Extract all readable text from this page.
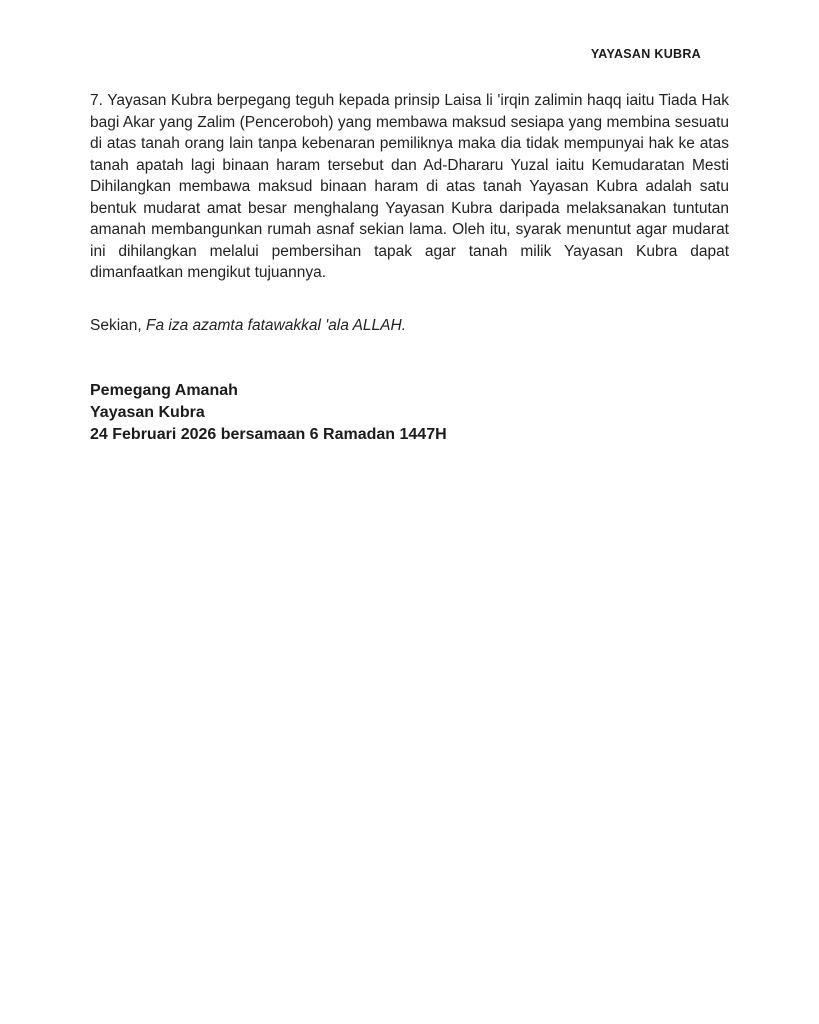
YAYASAN KUBRA

7. Yayasan Kubra berpegang teguh kepada prinsip Laisa li 'irqin zalimin haqq iaitu Tiada Hak bagi Akar yang Zalim (Penceroboh) yang membawa maksud sesiapa yang membina sesuatu di atas tanah orang lain tanpa kebenaran pemiliknya maka dia tidak mempunyai hak ke atas tanah apatah lagi binaan haram tersebut dan Ad-Dhararu Yuzal iaitu Kemudaratan Mesti Dihilangkan membawa maksud binaan haram di atas tanah Yayasan Kubra adalah satu bentuk mudarat amat besar menghalang Yayasan Kubra daripada melaksanakan tuntutan amanah membangunkan rumah asnaf sekian lama. Oleh itu, syarak menuntut agar mudarat ini dihilangkan melalui pembersihan tapak agar tanah milik Yayasan Kubra dapat dimanfaatkan mengikut tujuannya.

Sekian, Fa iza azamta fatawakkal 'ala ALLAH.

Pemegang Amanah
Yayasan Kubra
24 Februari 2026 bersamaan 6 Ramadan 1447H
